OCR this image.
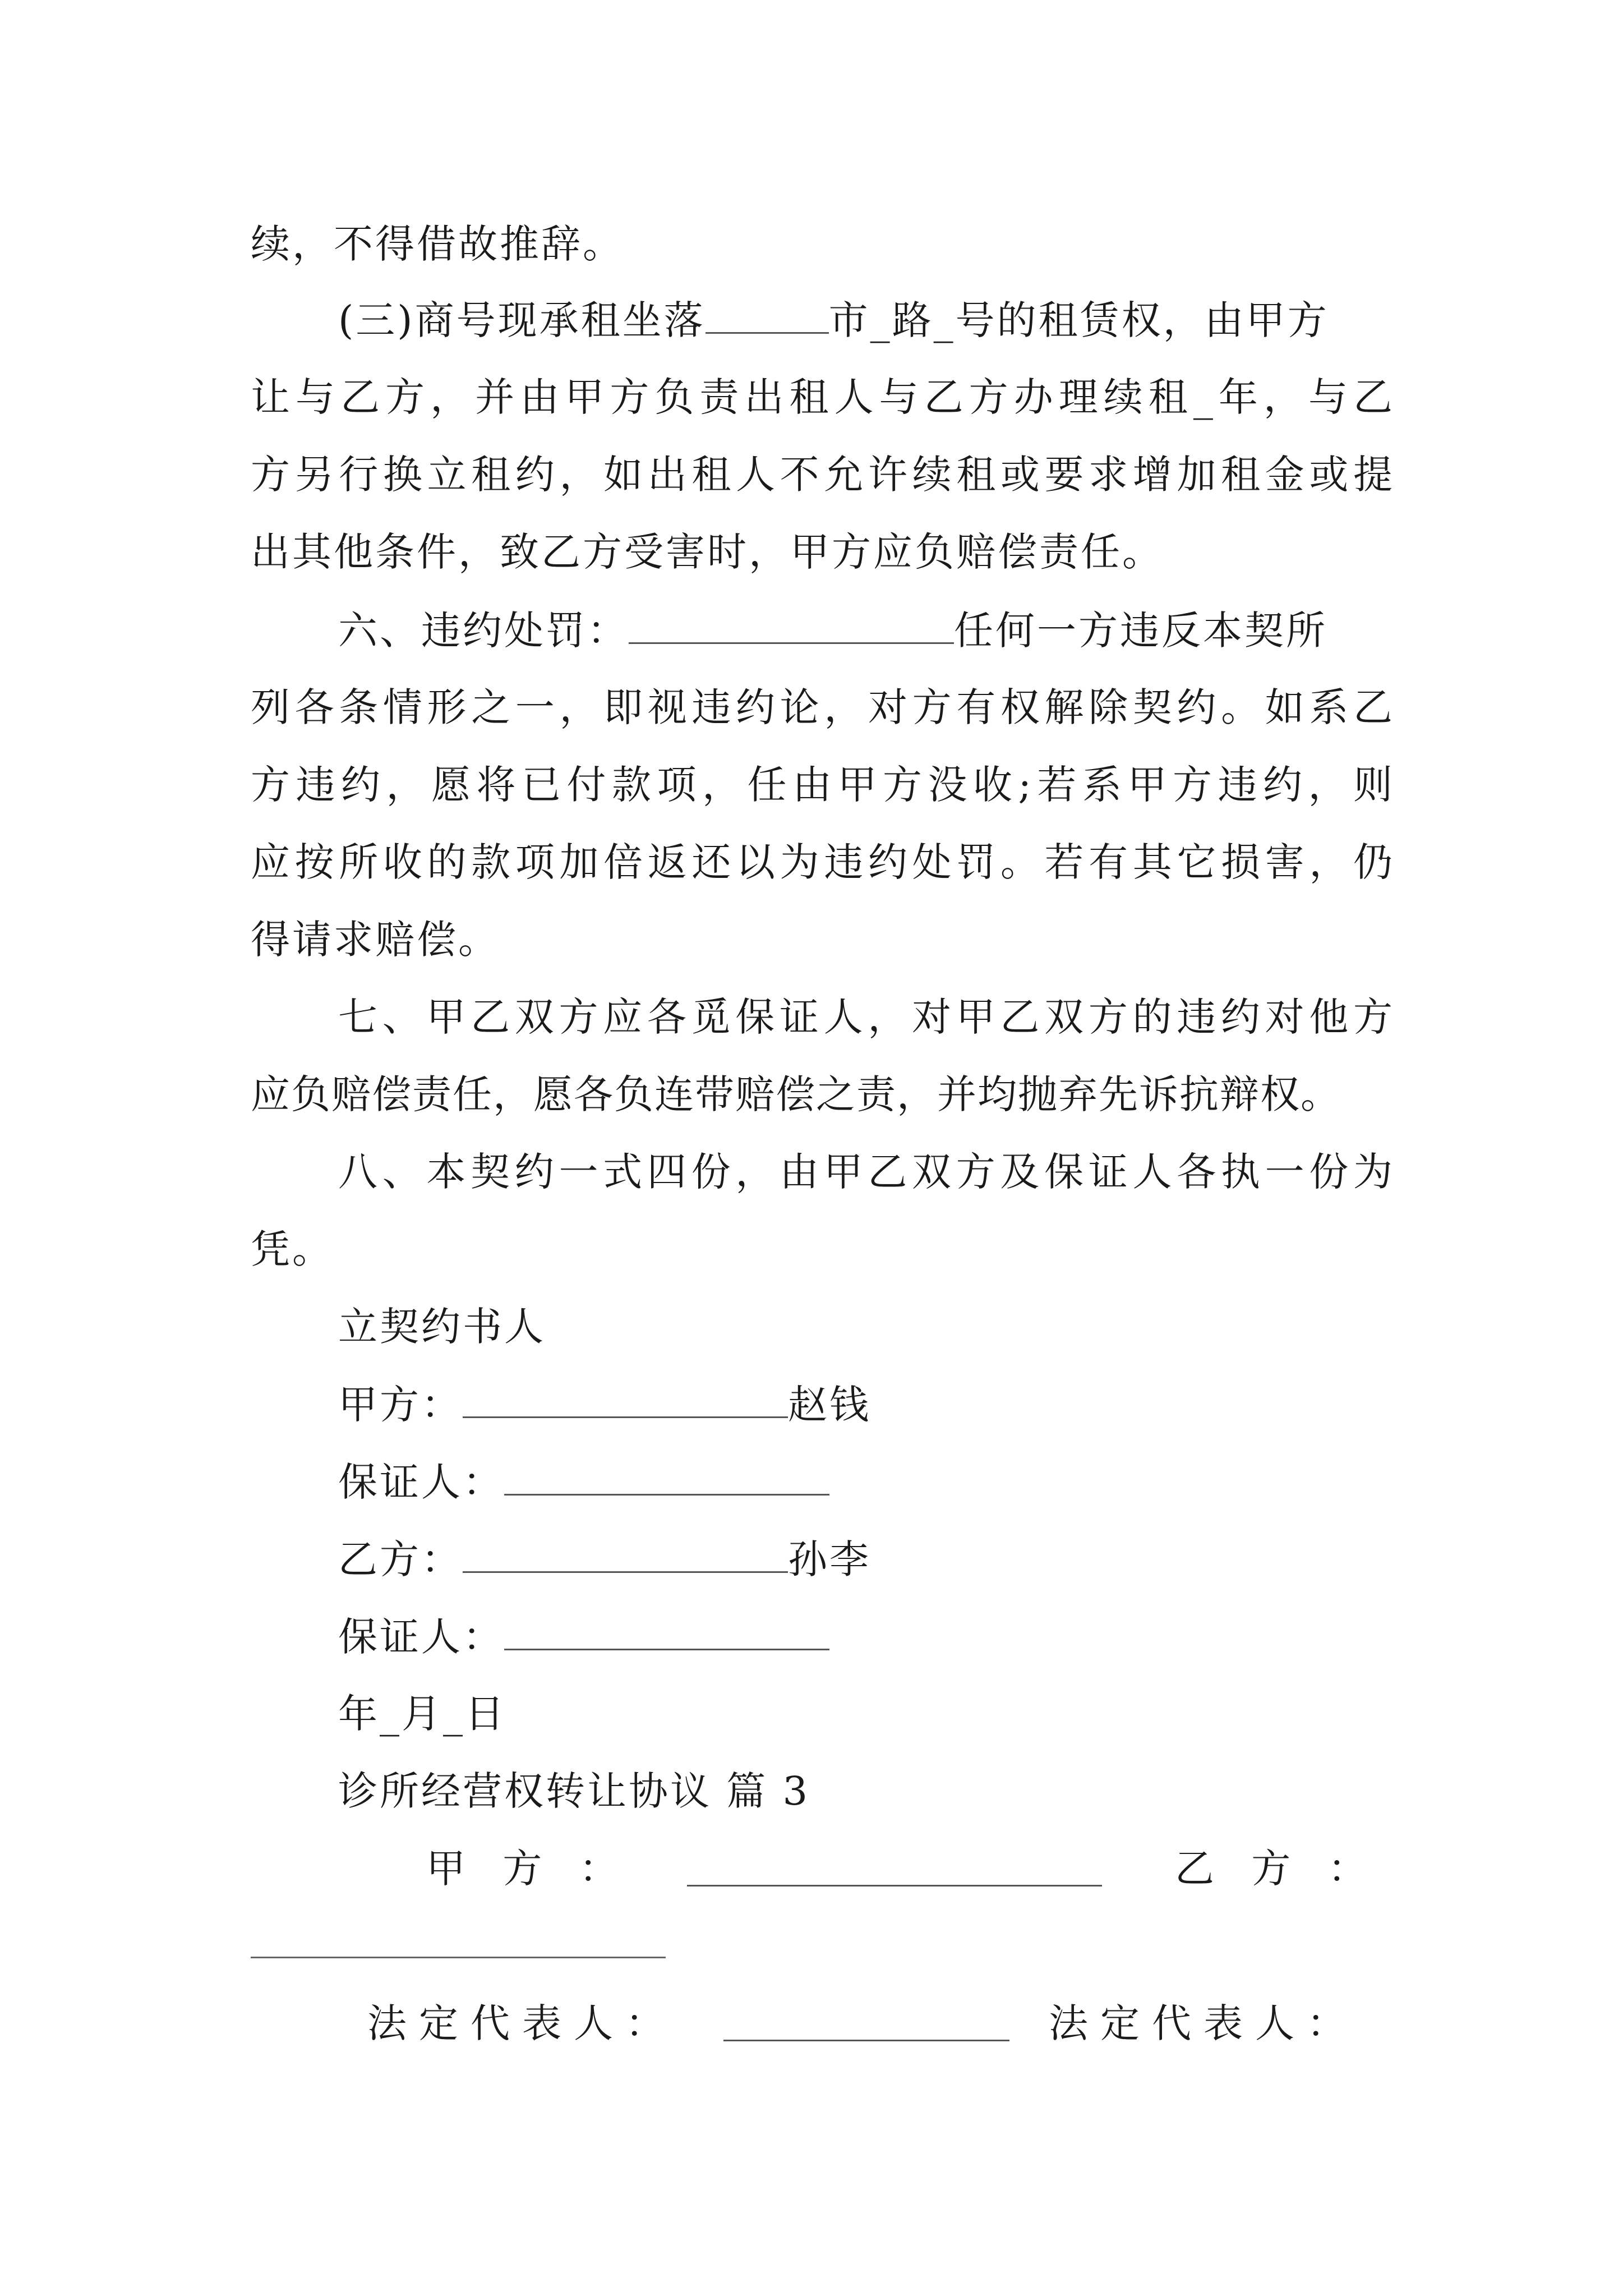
续，不得借故推辞。
(三)商号现承租坐落	市_路_号的租赁权，由甲方
让与乙方，并由甲方负责出租人与乙方办理续租_年，与乙
方另行换立租约，如出租人不允许续租或要求增加租金或提
出其他条件，致乙方受害时，甲方应负赔偿责任。
六、违约处罚：	任何一方违反本契所
列各条情形之一，即视违约论，对方有权解除契约。如系乙
方违约，愿将已付款项，任由甲方没收;若系甲方违约，则
应按所收的款项加倍返还以为违约处罚。若有其它损害，仍
得请求赔偿。
七、甲乙双方应各觅保证人，对甲乙双方的违约对他方
应负赔偿责任，愿各负连带赔偿之责，并均抛弃先诉抗辩权。
八、本契约一式四份，由甲乙双方及保证人各执一份为
凭。
立契约书人
甲方：	赵钱
保证人：
乙方：	孙李
保证人：
年_月_日
诊所经营权转让协议 篇 3
甲 方 ：	乙 方 ：
法定代表人：	法定代表人：
